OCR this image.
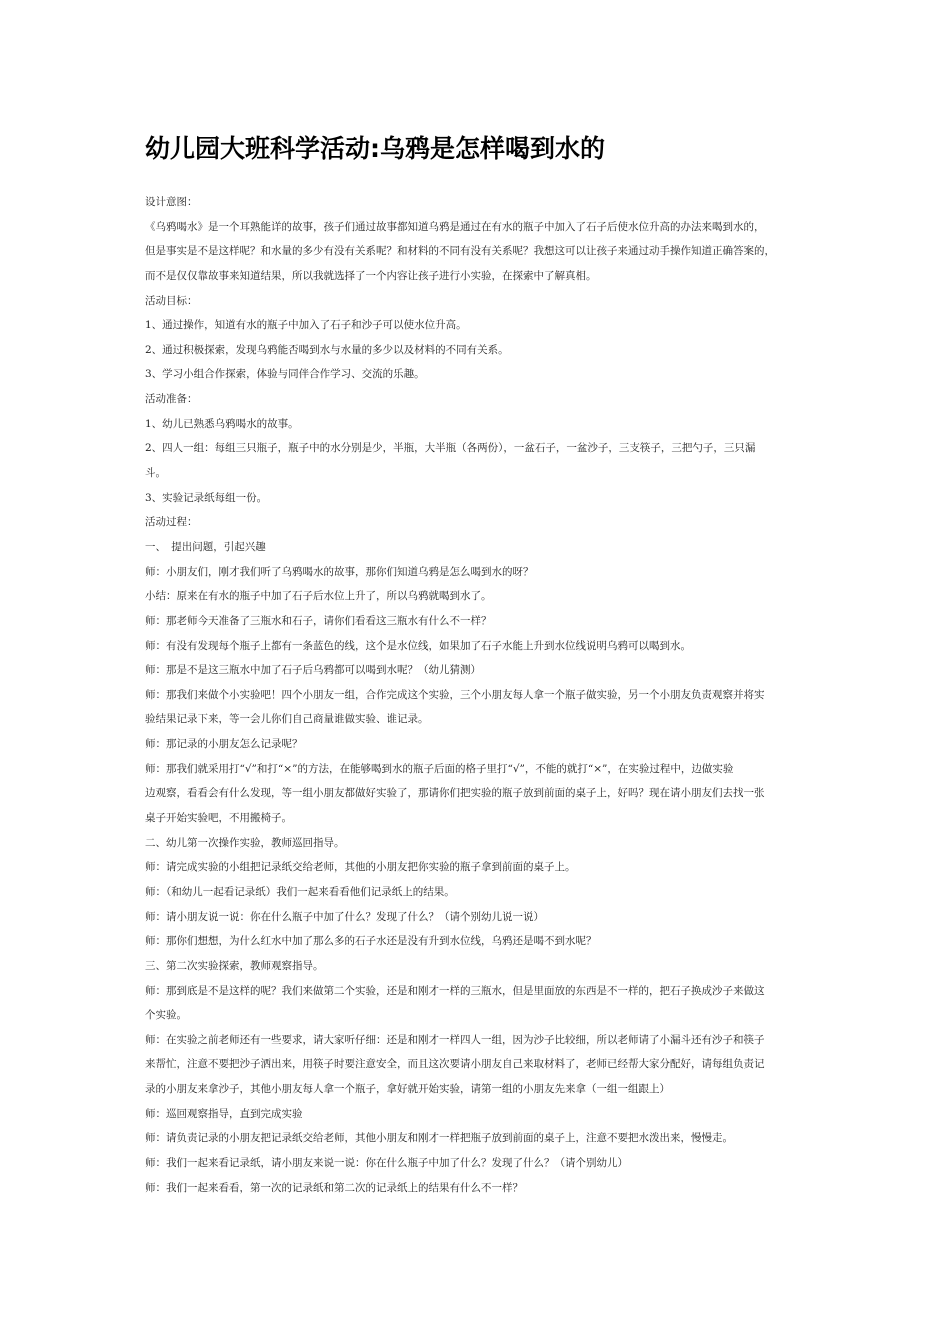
幼儿园大班科学活动:乌鸦是怎样喝到水的
设计意图：
《乌鸦喝水》是一个耳熟能详的故事，孩子们通过故事都知道乌鸦是通过在有水的瓶子中加入了石子后使水位升高的办法来喝到水的，
但是事实是不是这样呢？和水量的多少有没有关系呢？和材料的不同有没有关系呢？我想这可以让孩子来通过动手操作知道正确答案的，
而不是仅仅靠故事来知道结果，所以我就选择了一个内容让孩子进行小实验，在探索中了解真相。
活动目标：
1、通过操作，知道有水的瓶子中加入了石子和沙子可以使水位升高。
2、通过积极探索，发现乌鸦能否喝到水与水量的多少以及材料的不同有关系。
3、学习小组合作探索，体验与同伴合作学习、交流的乐趣。
活动准备：
1、幼儿已熟悉乌鸦喝水的故事。
2、四人一组：每组三只瓶子，瓶子中的水分别是少，半瓶，大半瓶（各两份），一盆石子，一盆沙子，三支筷子，三把勺子，三只漏
斗。
3、实验记录纸每组一份。
活动过程：
一、　提出问题，引起兴趣
师：小朋友们，刚才我们听了乌鸦喝水的故事，那你们知道乌鸦是怎么喝到水的呀？
小结：原来在有水的瓶子中加了石子后水位上升了，所以乌鸦就喝到水了。
师：那老师今天准备了三瓶水和石子，请你们看看这三瓶水有什么不一样？
师：有没有发现每个瓶子上都有一条蓝色的线，这个是水位线，如果加了石子水能上升到水位线说明乌鸦可以喝到水。
师：那是不是这三瓶水中加了石子后乌鸦都可以喝到水呢？（幼儿猜测）
师：那我们来做个小实验吧！四个小朋友一组，合作完成这个实验，三个小朋友每人拿一个瓶子做实验，另一个小朋友负责观察并将实
验结果记录下来，等一会儿你们自己商量谁做实验、谁记录。
师：那记录的小朋友怎么记录呢？
师：那我们就采用打“√”和打“×”的方法，在能够喝到水的瓶子后面的格子里打“√”，不能的就打“×”，在实验过程中，边做实验
边观察，看看会有什么发现，等一组小朋友都做好实验了，那请你们把实验的瓶子放到前面的桌子上，好吗？现在请小朋友们去找一张
桌子开始实验吧，不用搬椅子。
二、幼儿第一次操作实验，教师巡回指导。
师：请完成实验的小组把记录纸交给老师，其他的小朋友把你实验的瓶子拿到前面的桌子上。
师：（和幼儿一起看记录纸）我们一起来看看他们记录纸上的结果。
师：请小朋友说一说：你在什么瓶子中加了什么？发现了什么？（请个别幼儿说一说）
师：那你们想想，为什么红水中加了那么多的石子水还是没有升到水位线，乌鸦还是喝不到水呢？
三、第二次实验探索，教师观察指导。
师：那到底是不是这样的呢？我们来做第二个实验，还是和刚才一样的三瓶水，但是里面放的东西是不一样的，把石子换成沙子来做这
个实验。
师：在实验之前老师还有一些要求，请大家听仔细：还是和刚才一样四人一组，因为沙子比较细，所以老师请了小漏斗还有沙子和筷子
来帮忙，注意不要把沙子洒出来，用筷子时要注意安全，而且这次要请小朋友自己来取材料了，老师已经帮大家分配好，请每组负责记
录的小朋友来拿沙子，其他小朋友每人拿一个瓶子，拿好就开始实验，请第一组的小朋友先来拿（一组一组跟上）
师：巡回观察指导，直到完成实验
师：请负责记录的小朋友把记录纸交给老师，其他小朋友和刚才一样把瓶子放到前面的桌子上，注意不要把水泼出来，慢慢走。
师：我们一起来看记录纸，请小朋友来说一说：你在什么瓶子中加了什么？发现了什么？（请个别幼儿）
师：我们一起来看看，第一次的记录纸和第二次的记录纸上的结果有什么不一样？
